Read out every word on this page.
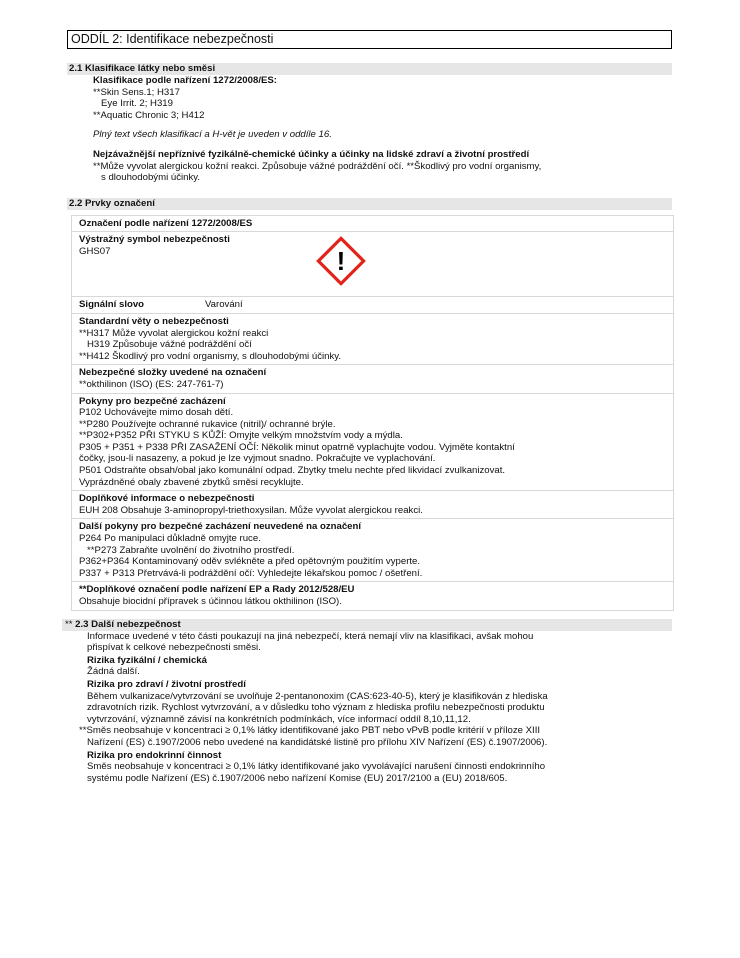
ODDÍL 2: Identifikace nebezpečnosti
2.1 Klasifikace látky nebo směsi
Klasifikace podle nařízení 1272/2008/ES:
**Skin Sens.1; H317
Eye Irrit. 2; H319
**Aquatic Chronic 3; H412
Plný text všech klasifikací a H-vět je uveden v oddíle 16.
Nejzávažnější nepříznivé fyzikálně-chemické účinky a účinky na lidské zdraví a životní prostředí
**Může vyvolat alergickou kožní reakci. Způsobuje vážné podráždění očí. **Škodlivý pro vodní organismy,
s dlouhodobými účinky.
2.2 Prvky označení
Označení podle nařízení 1272/2008/ES
Výstražný symbol nebezpečnosti
GHS07	!
Signální slovo	Varování
Standardní věty o nebezpečnosti
**H317 Může vyvolat alergickou kožní reakci
H319 Způsobuje vážné podráždění očí
**H412 Škodlivý pro vodní organismy, s dlouhodobými účinky.
Nebezpečné složky uvedené na označení
**okthilinon (ISO) (ES: 247-761-7)
Pokyny pro bezpečné zacházení
P102 Uchovávejte mimo dosah dětí.
**P280 Používejte ochranné rukavice (nitril)/ ochranné brýle.
**P302+P352 PŘI STYKU S KŮŽÍ: Omyjte velkým množstvím vody a mýdla.
P305 + P351 + P338 PŘI ZASAŽENÍ OČÍ: Několik minut opatrně vyplachujte vodou. Vyjměte kontaktní
čočky, jsou-li nasazeny, a pokud je lze vyjmout snadno. Pokračujte ve vyplachování.
P501 Odstraňte obsah/obal jako komunální odpad. Zbytky tmelu nechte před likvidací zvulkanizovat.
Vyprázdněné obaly zbavené zbytků směsi recyklujte.
Doplňkové informace o nebezpečnosti
EUH 208 Obsahuje 3-aminopropyl-triethoxysilan. Může vyvolat alergickou reakci.
Další pokyny pro bezpečné zacházení neuvedené na označení
P264 Po manipulaci důkladně omyjte ruce.
**P273 Zabraňte uvolnění do životního prostředí.
P362+P364 Kontaminovaný oděv svlékněte a před opětovným použitím vyperte.
P337 + P313 Přetrvává-li podráždění očí: Vyhledejte lékařskou pomoc / ošetření.
**Doplňkové označení podle nařízení EP a Rady 2012/528/EU
Obsahuje biocidní přípravek s účinnou látkou okthilinon (ISO).
** 2.3 Další nebezpečnost
Informace uvedené v této části poukazují na jiná nebezpečí, která nemají vliv na klasifikaci, avšak mohou
přispívat k celkové nebezpečnosti směsi.
Rizika fyzikální / chemická
Žádná další.
Rizika pro zdraví / životní prostředí
Během vulkanizace/vytvrzování se uvolňuje 2-pentanonoxim (CAS:623-40-5), který je klasifikován z hlediska
zdravotních rizik. Rychlost vytvrzování, a v důsledku toho význam z hlediska profilu nebezpečnosti produktu
vytvrzování, významně závisí na konkrétních podmínkách, více informací oddíl 8,10,11,12.
**Směs neobsahuje v koncentraci ≥ 0,1% látky identifikované jako PBT nebo vPvB podle kritérií v příloze XIII
Nařízení (ES) č.1907/2006 nebo uvedené na kandidátské listině pro přílohu XIV Nařízení (ES) č.1907/2006).
Rizika pro endokrinní činnost
Směs neobsahuje v koncentraci ≥ 0,1% látky identifikované jako vyvolávající narušení činnosti endokrinního
systému podle Nařízení (ES) č.1907/2006 nebo nařízení Komise (EU) 2017/2100 a (EU) 2018/605.
